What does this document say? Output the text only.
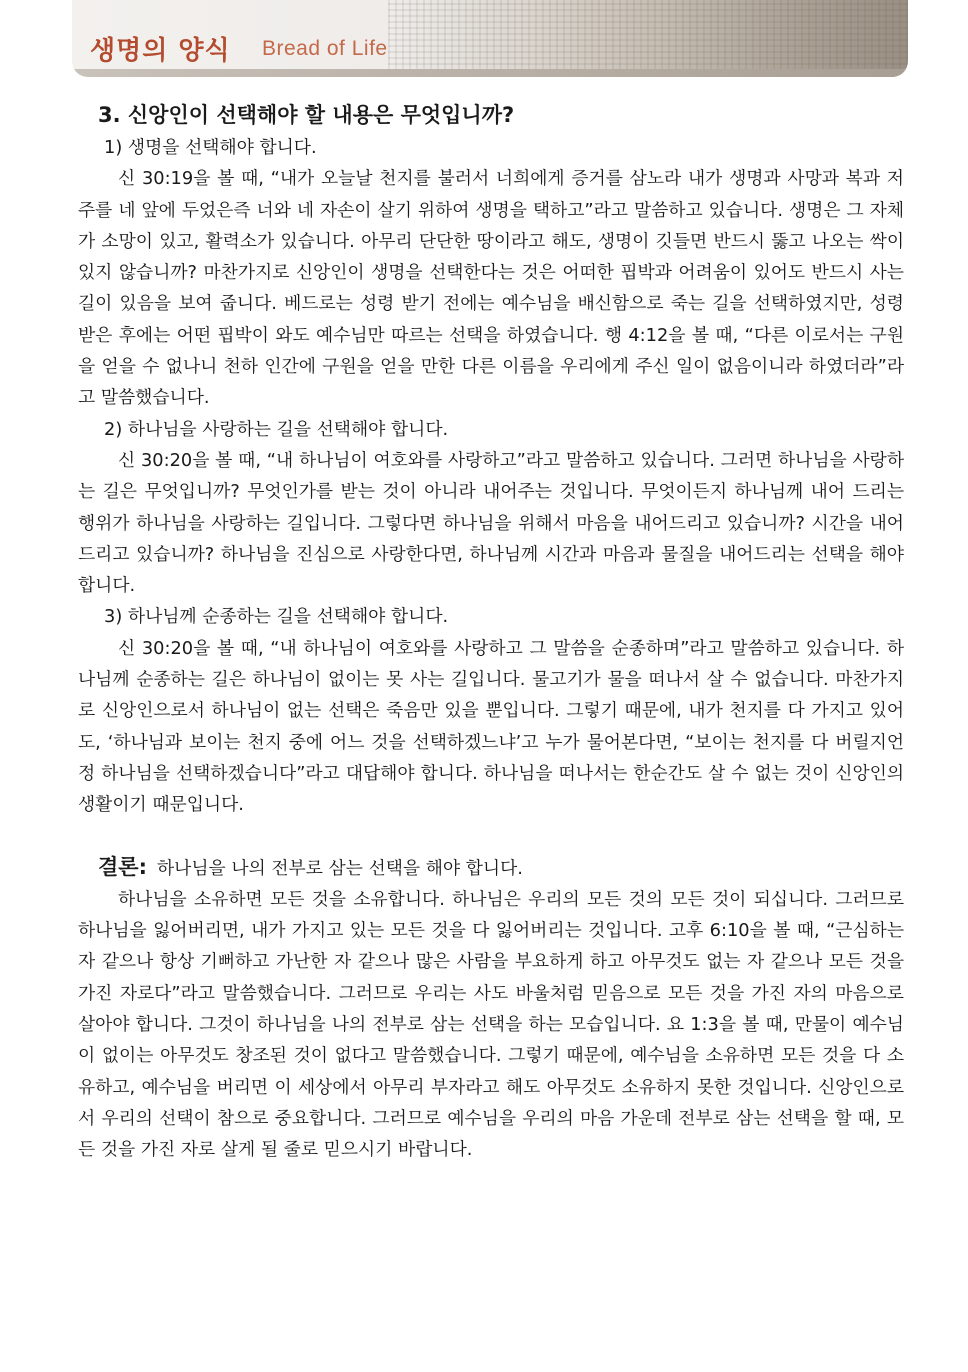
생명의 양식 Bread of Life

3. 신앙인이 선택해야 할 내용은 무엇입니까?

1) 생명을 선택해야 합니다.

신 30:19을 볼 때, “내가 오늘날 천지를 불러서 너희에게 증거를 삼노라 내가 생명과 사망과 복과 저주를 네 앞에 두었은즉 너와 네 자손이 살기 위하여 생명을 택하고”라고 말씀하고 있습니다. 생명은 그 자체가 소망이 있고, 활력소가 있습니다. 아무리 단단한 땅이라고 해도, 생명이 깃들면 반드시 뚫고 나오는 싹이 있지 않습니까? 마찬가지로 신앙인이 생명을 선택한다는 것은 어떠한 핍박과 어려움이 있어도 반드시 사는 길이 있음을 보여 줍니다. 베드로는 성령 받기 전에는 예수님을 배신함으로 죽는 길을 선택하였지만, 성령 받은 후에는 어떤 핍박이 와도 예수님만 따르는 선택을 하였습니다. 행 4:12을 볼 때, “다른 이로서는 구원을 얻을 수 없나니 천하 인간에 구원을 얻을 만한 다른 이름을 우리에게 주신 일이 없음이니라 하였더라”라고 말씀했습니다.

2) 하나님을 사랑하는 길을 선택해야 합니다.

신 30:20을 볼 때, “내 하나님이 여호와를 사랑하고”라고 말씀하고 있습니다. 그러면 하나님을 사랑하는 길은 무엇입니까? 무엇인가를 받는 것이 아니라 내어주는 것입니다. 무엇이든지 하나님께 내어 드리는 행위가 하나님을 사랑하는 길입니다. 그렇다면 하나님을 위해서 마음을 내어드리고 있습니까? 시간을 내어드리고 있습니까? 하나님을 진심으로 사랑한다면, 하나님께 시간과 마음과 물질을 내어드리는 선택을 해야 합니다.

3) 하나님께 순종하는 길을 선택해야 합니다.

신 30:20을 볼 때, “내 하나님이 여호와를 사랑하고 그 말씀을 순종하며”라고 말씀하고 있습니다. 하나님께 순종하는 길은 하나님이 없이는 못 사는 길입니다. 물고기가 물을 떠나서 살 수 없습니다. 마찬가지로 신앙인으로서 하나님이 없는 선택은 죽음만 있을 뿐입니다. 그렇기 때문에, 내가 천지를 다 가지고 있어도, ‘하나님과 보이는 천지 중에 어느 것을 선택하겠느냐’고 누가 물어본다면, “보이는 천지를 다 버릴지언정 하나님을 선택하겠습니다”라고 대답해야 합니다. 하나님을 떠나서는 한순간도 살 수 없는 것이 신앙인의 생활이기 때문입니다.

결론: 하나님을 나의 전부로 삼는 선택을 해야 합니다.

하나님을 소유하면 모든 것을 소유합니다. 하나님은 우리의 모든 것의 모든 것이 되십니다. 그러므로 하나님을 잃어버리면, 내가 가지고 있는 모든 것을 다 잃어버리는 것입니다. 고후 6:10을 볼 때, “근심하는 자 같으나 항상 기뻐하고 가난한 자 같으나 많은 사람을 부요하게 하고 아무것도 없는 자 같으나 모든 것을 가진 자로다”라고 말씀했습니다. 그러므로 우리는 사도 바울처럼 믿음으로 모든 것을 가진 자의 마음으로 살아야 합니다. 그것이 하나님을 나의 전부로 삼는 선택을 하는 모습입니다. 요 1:3을 볼 때, 만물이 예수님이 없이는 아무것도 창조된 것이 없다고 말씀했습니다. 그렇기 때문에, 예수님을 소유하면 모든 것을 다 소유하고, 예수님을 버리면 이 세상에서 아무리 부자라고 해도 아무것도 소유하지 못한 것입니다. 신앙인으로서 우리의 선택이 참으로 중요합니다. 그러므로 예수님을 우리의 마음 가운데 전부로 삼는 선택을 할 때, 모든 것을 가진 자로 살게 될 줄로 믿으시기 바랍니다.
